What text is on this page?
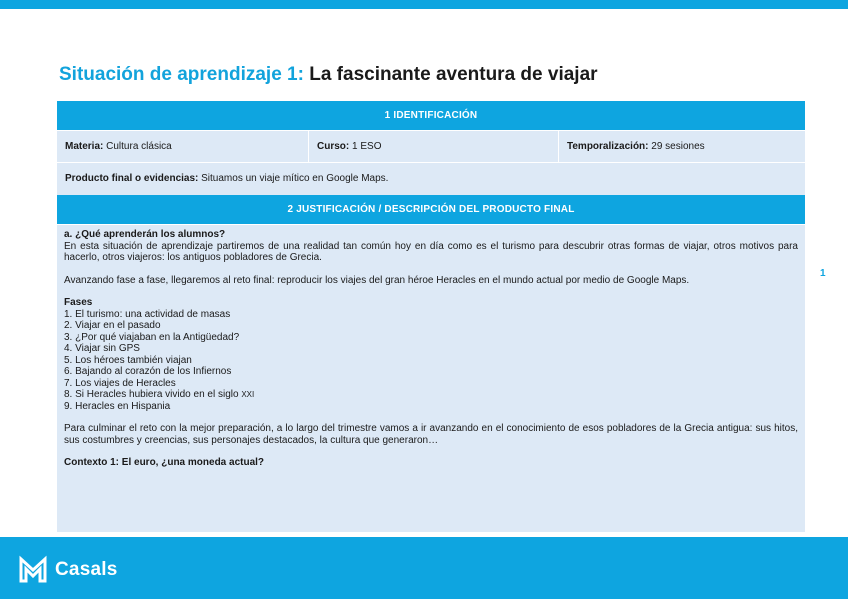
Situación de aprendizaje 1: La fascinante aventura de viajar
1 IDENTIFICACIÓN
Materia:
Cultura clásica	Curso:
1 ESO	Temporalización:
29 sesiones
Producto final o evidencias:
Situamos un viaje mítico en Google Maps.
2 JUSTIFICACIÓN / DESCRIPCIÓN DEL PRODUCTO FINAL

a. ¿Qué aprenderán los alumnos?

En esta situación de aprendizaje partiremos de una realidad tan común hoy en día como es el turismo para descubrir otras formas de viajar, otros motivos para hacerlo, otros viajeros: los antiguos pobladores de Grecia.

Avanzando fase a fase, llegaremos al reto final: reproducir los viajes del gran héroe Heracles en el mundo actual por medio de Google Maps.

Fases

1. El turismo: una actividad de masas
2. Viajar en el pasado
3. ¿Por qué viajaban en la Antigüedad?
4. Viajar sin GPS
5. Los héroes también viajan
6. Bajando al corazón de los Infiernos
7. Los viajes de Heracles
8. Si Heracles hubiera vivido en el siglo XXI
9. Heracles en Hispania

Para culminar el reto con la mejor preparación, a lo largo del trimestre vamos a ir avanzando en el conocimiento de esos pobladores de la Grecia antigua: sus hitos, sus costumbres y creencias, sus personajes destacados, la cultura que generaron…

Contexto 1: El euro, ¿una moneda actual?

1
Casals
